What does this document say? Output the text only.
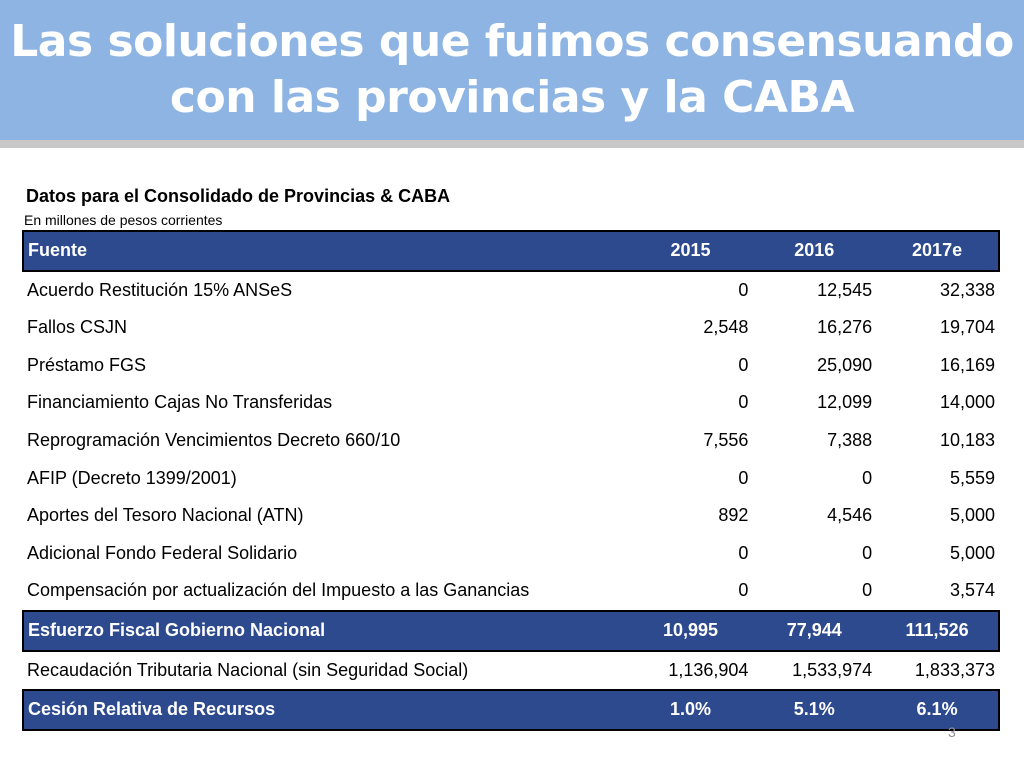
Las soluciones que fuimos consensuando con las provincias y la CABA
Datos para el Consolidado de Provincias & CABA
En millones de pesos corrientes
Fuente	2015	2016	2017e
Acuerdo Restitución 15% ANSeS	0	12,545	32,338
Fallos CSJN	2,548	16,276	19,704
Préstamo FGS	0	25,090	16,169
Financiamiento Cajas No Transferidas	0	12,099	14,000
Reprogramación Vencimientos Decreto 660/10	7,556	7,388	10,183
AFIP (Decreto 1399/2001)	0	0	5,559
Aportes del Tesoro Nacional (ATN)	892	4,546	5,000
Adicional Fondo Federal Solidario	0	0	5,000
Compensación por actualización del Impuesto a las Ganancias	0	0	3,574
Esfuerzo Fiscal Gobierno Nacional	10,995	77,944	111,526
Recaudación Tributaria Nacional (sin Seguridad Social)	1,136,904	1,533,974	1,833,373
Cesión Relativa de Recursos	1.0%	5.1%	6.1%
3
